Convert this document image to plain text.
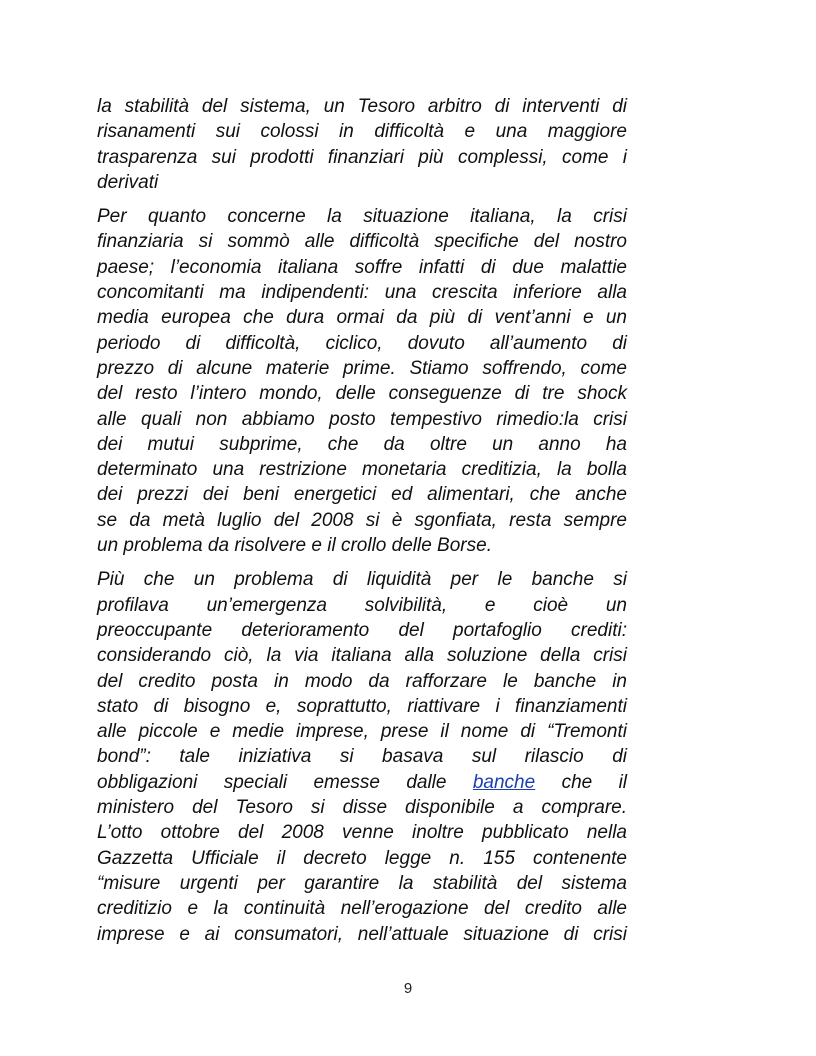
la stabilità del sistema, un Tesoro arbitro di interventi di
risanamenti sui colossi in difficoltà e una maggiore
trasparenza sui prodotti finanziari più complessi, come i
derivati

Per quanto concerne la situazione italiana, la crisi
finanziaria si sommò alle difficoltà specifiche del nostro
paese; l’economia italiana soffre infatti di due malattie
concomitanti ma indipendenti: una crescita inferiore alla
media europea che dura ormai da più di vent’anni e un
periodo di difficoltà, ciclico, dovuto all’aumento di
prezzo di alcune materie prime. Stiamo soffrendo, come
del resto l’intero mondo, delle conseguenze di tre shock
alle quali non abbiamo posto tempestivo rimedio:la crisi
dei mutui subprime, che da oltre un anno ha
determinato una restrizione monetaria creditizia, la bolla
dei prezzi dei beni energetici ed alimentari, che anche
se da metà luglio del 2008 si è sgonfiata, resta sempre
un problema da risolvere e il crollo delle Borse.

Più che un problema di liquidità per le banche si
profilava un’emergenza solvibilità, e cioè un
preoccupante deterioramento del portafoglio crediti:
considerando ciò, la via italiana alla soluzione della crisi
del credito posta in modo da rafforzare le banche in
stato di bisogno e, soprattutto, riattivare i finanziamenti
alle piccole e medie imprese, prese il nome di “Tremonti
bond”: tale iniziativa si basava sul rilascio di
obbligazioni speciali emesse dalle banche che il
ministero del Tesoro si disse disponibile a comprare.
L’otto ottobre del 2008 venne inoltre pubblicato nella
Gazzetta Ufficiale il decreto legge n. 155 contenente
“misure urgenti per garantire la stabilità del sistema
creditizio e la continuità nell’erogazione del credito alle
imprese e ai consumatori, nell’attuale situazione di crisi

9
